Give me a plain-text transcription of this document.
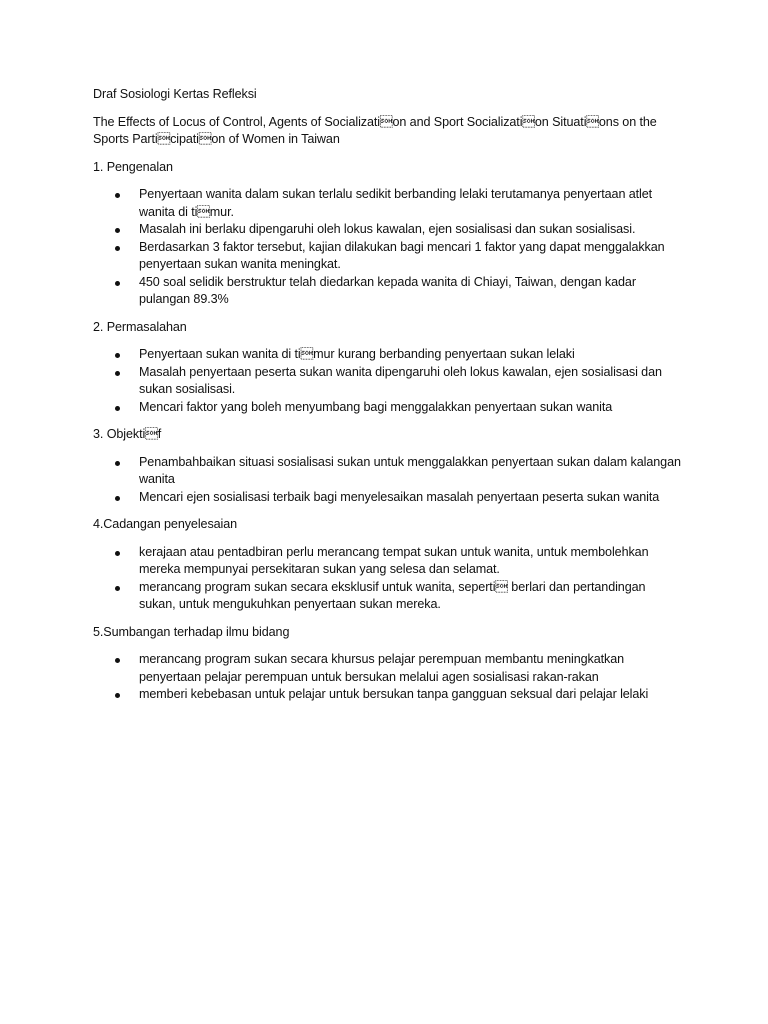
Draf Sosiologi Kertas Refleksi

The Effects of Locus of Control, Agents of Socialization and Sport Socialization Situations on the Sports Participation of Women in Taiwan

1. Pengenalan

Penyertaan wanita dalam sukan terlalu sedikit berbanding lelaki terutamanya penyertaan atlet wanita di timur.
Masalah ini berlaku dipengaruhi oleh lokus kawalan, ejen sosialisasi dan sukan sosialisasi.
Berdasarkan 3 faktor tersebut, kajian dilakukan bagi mencari 1 faktor yang dapat menggalakkan penyertaan sukan wanita meningkat.
450 soal selidik berstruktur telah diedarkan kepada wanita di Chiayi, Taiwan, dengan kadar pulangan 89.3%

2. Permasalahan

Penyertaan sukan wanita di timur kurang berbanding penyertaan sukan lelaki
Masalah penyertaan peserta sukan wanita dipengaruhi oleh lokus kawalan, ejen sosialisasi dan sukan sosialisasi.
Mencari faktor yang boleh menyumbang bagi menggalakkan penyertaan sukan wanita

3. Objektif

Penambahbaikan situasi sosialisasi sukan untuk menggalakkan penyertaan sukan dalam kalangan wanita
Mencari ejen sosialisasi terbaik bagi menyelesaikan masalah penyertaan peserta sukan wanita

4.Cadangan penyelesaian

kerajaan atau pentadbiran perlu merancang tempat sukan untuk wanita, untuk membolehkan mereka mempunyai persekitaran sukan yang selesa dan selamat.
merancang program sukan secara eksklusif untuk wanita, seperti berlari dan pertandingan sukan, untuk mengukuhkan penyertaan sukan mereka.

5.Sumbangan terhadap ilmu bidang

merancang program sukan secara khursus pelajar perempuan membantu meningkatkan penyertaan pelajar perempuan untuk bersukan melalui agen sosialisasi rakan-rakan
memberi kebebasan untuk pelajar untuk bersukan tanpa gangguan seksual dari pelajar lelaki
